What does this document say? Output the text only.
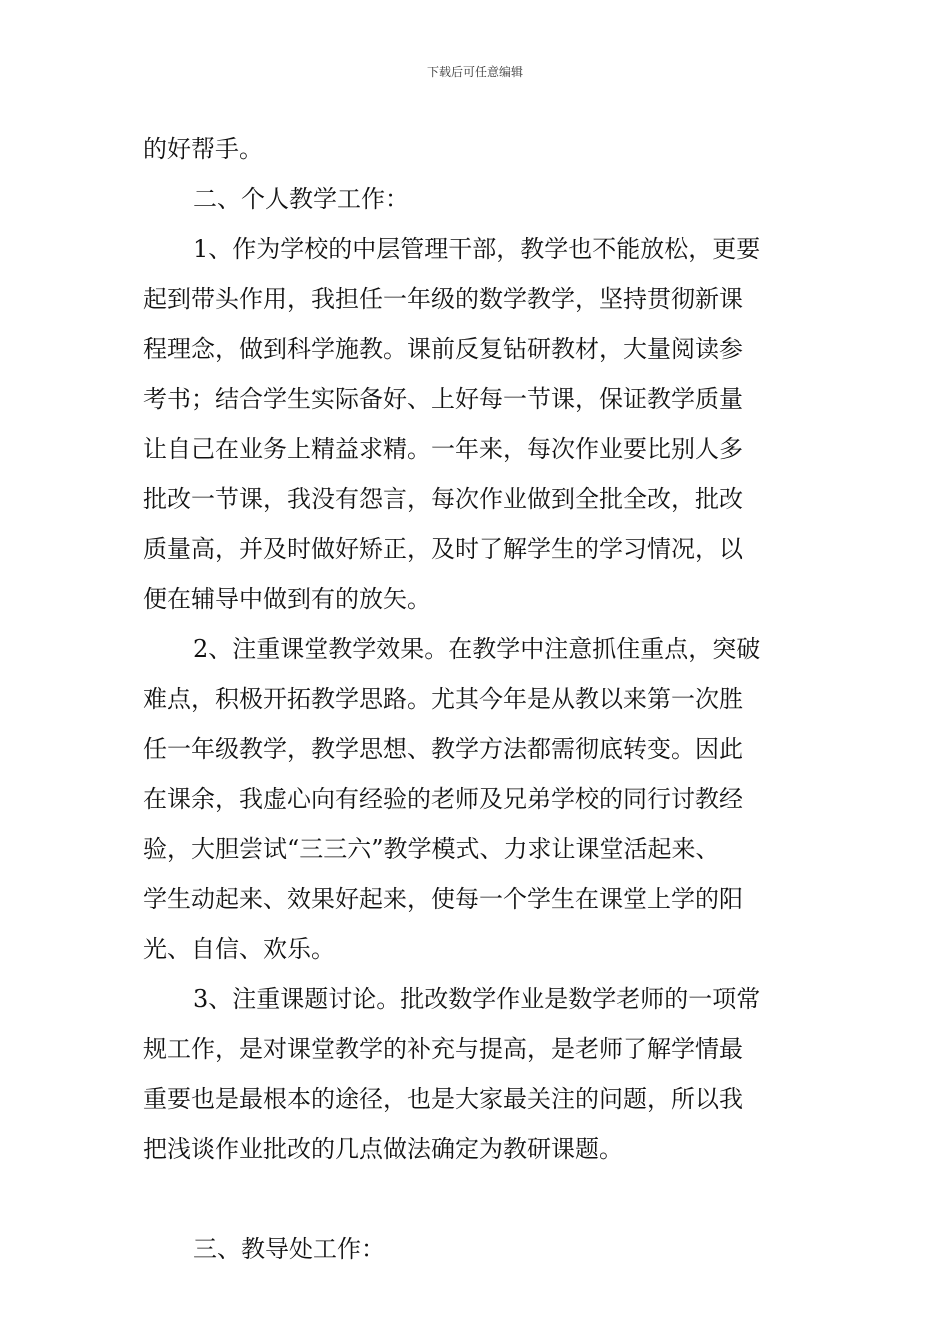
下载后可任意编辑
的好帮手。
二、个人教学工作：
1、作为学校的中层管理干部，教学也不能放松，更要
起到带头作用，我担任一年级的数学教学，坚持贯彻新课
程理念，做到科学施教。课前反复钻研教材，大量阅读参
考书；结合学生实际备好、上好每一节课，保证教学质量
让自己在业务上精益求精。一年来，每次作业要比别人多
批改一节课，我没有怨言，每次作业做到全批全改，批改
质量高，并及时做好矫正，及时了解学生的学习情况，以
便在辅导中做到有的放矢。
2、注重课堂教学效果。在教学中注意抓住重点，突破
难点，积极开拓教学思路。尤其今年是从教以来第一次胜
任一年级教学，教学思想、教学方法都需彻底转变。因此
在课余，我虚心向有经验的老师及兄弟学校的同行讨教经
验，大胆尝试“三三六”教学模式、力求让课堂活起来、
学生动起来、效果好起来，使每一个学生在课堂上学的阳
光、自信、欢乐。
3、注重课题讨论。批改数学作业是数学老师的一项常
规工作，是对课堂教学的补充与提高，是老师了解学情最
重要也是最根本的途径，也是大家最关注的问题，所以我
把浅谈作业批改的几点做法确定为教研课题。
三、教导处工作：
